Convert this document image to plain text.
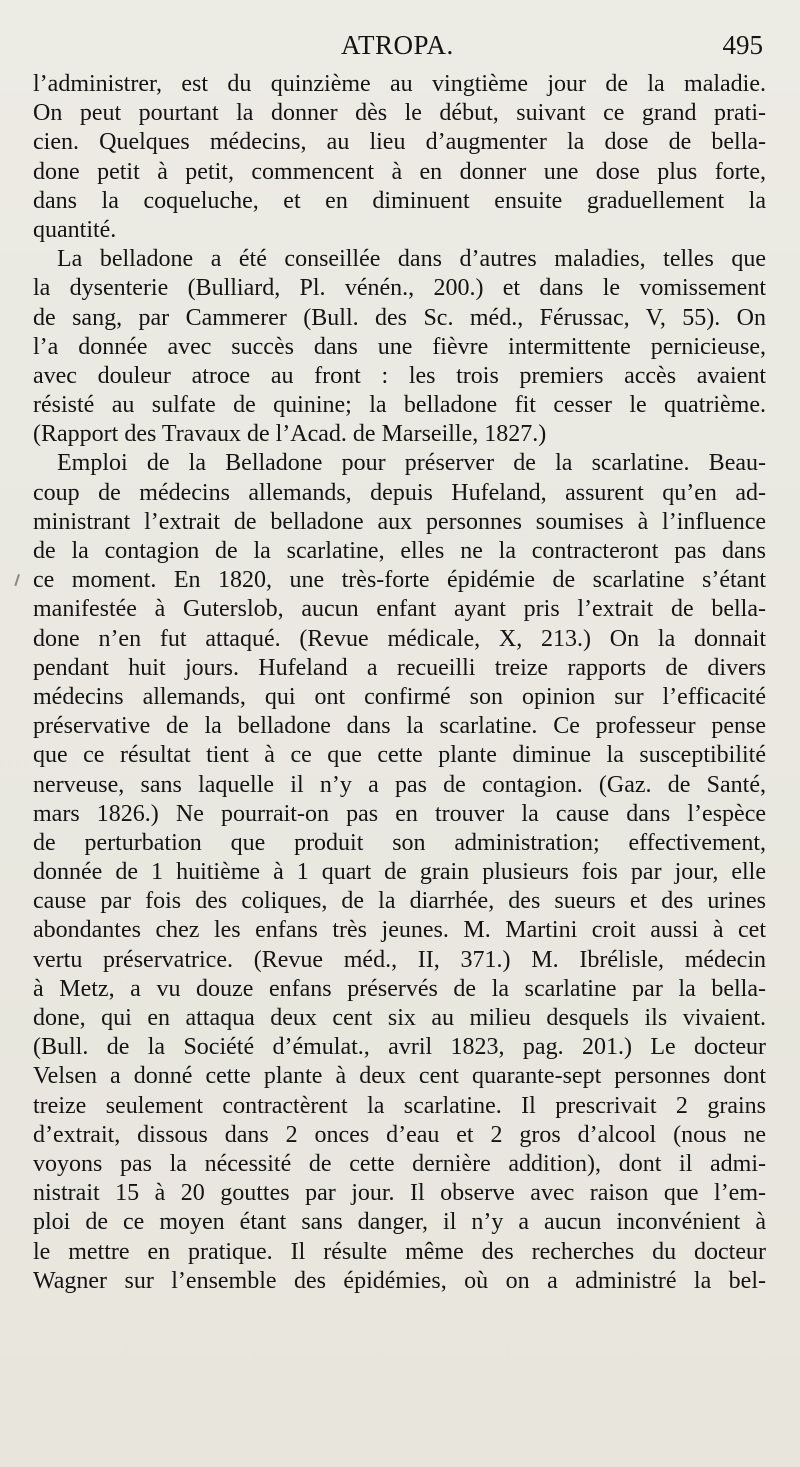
ATROPA.	495
l’administrer, est du quinzième au vingtième jour de la maladie.
On peut pourtant la donner dès le début, suivant ce grand prati-
cien. Quelques médecins, au lieu d’augmenter la dose de bella-
done petit à petit, commencent à en donner une dose plus forte,
dans la coqueluche, et en diminuent ensuite graduellement la
quantité.
La belladone a été conseillée dans d’autres maladies, telles que
la dysenterie (Bulliard, Pl. vénén., 200.) et dans le vomissement
de sang, par Cammerer (Bull. des Sc. méd., Férussac, V, 55). On
l’a donnée avec succès dans une fièvre intermittente pernicieuse,
avec douleur atroce au front : les trois premiers accès avaient
résisté au sulfate de quinine; la belladone fit cesser le quatrième.
(Rapport des Travaux de l’Acad. de Marseille, 1827.)
Emploi de la Belladone pour préserver de la scarlatine. Beau-
coup de médecins allemands, depuis Hufeland, assurent qu’en ad-
ministrant l’extrait de belladone aux personnes soumises à l’influence
de la contagion de la scarlatine, elles ne la contracteront pas dans
ce moment. En 1820, une très-forte épidémie de scarlatine s’étant
manifestée à Guterslob, aucun enfant ayant pris l’extrait de bella-
done n’en fut attaqué. (Revue médicale, X, 213.) On la donnait
pendant huit jours. Hufeland a recueilli treize rapports de divers
médecins allemands, qui ont confirmé son opinion sur l’efficacité
préservative de la belladone dans la scarlatine. Ce professeur pense
que ce résultat tient à ce que cette plante diminue la susceptibilité
nerveuse, sans laquelle il n’y a pas de contagion. (Gaz. de Santé,
mars 1826.) Ne pourrait-on pas en trouver la cause dans l’espèce
de perturbation que produit son administration; effectivement,
donnée de 1 huitième à 1 quart de grain plusieurs fois par jour, elle
cause par fois des coliques, de la diarrhée, des sueurs et des urines
abondantes chez les enfans très jeunes. M. Martini croit aussi à cet
vertu préservatrice. (Revue méd., II, 371.) M. Ibrélisle, médecin
à Metz, a vu douze enfans préservés de la scarlatine par la bella-
done, qui en attaqua deux cent six au milieu desquels ils vivaient.
(Bull. de la Société d’émulat., avril 1823, pag. 201.) Le docteur
Velsen a donné cette plante à deux cent quarante-sept personnes dont
treize seulement contractèrent la scarlatine. Il prescrivait 2 grains
d’extrait, dissous dans 2 onces d’eau et 2 gros d’alcool (nous ne
voyons pas la nécessité de cette dernière addition), dont il admi-
nistrait 15 à 20 gouttes par jour. Il observe avec raison que l’em-
ploi de ce moyen étant sans danger, il n’y a aucun inconvénient à
le mettre en pratique. Il résulte même des recherches du docteur
Wagner sur l’ensemble des épidémies, où on a administré la bel-
